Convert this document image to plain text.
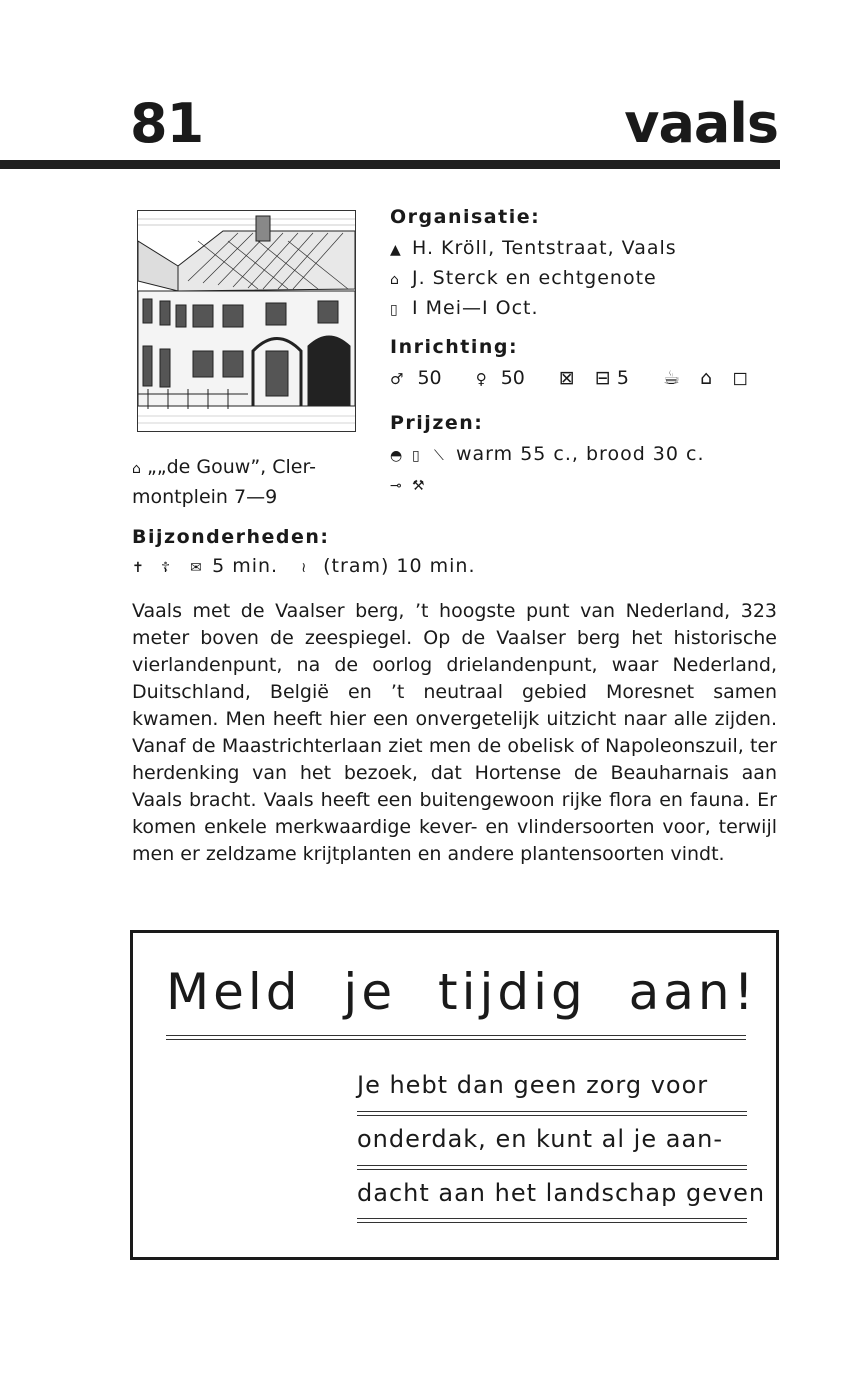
81	vaals
Organisatie:
▲ H. Kröll, Tentstraat, Vaals
⌂ J. Sterck en echtgenote
▯ I Mei—I Oct.
Inrichting:
♂ 50 ♀ 50 ⊠ ⊟ 5 ☕ ⌂ ◻
Prijzen:
◓ ▯ ⟍ warm 55 c., brood 30 c.
⊸ ⚒
⌂ „„de Gouw”, Cler-
montplein 7—9
Bijzonderheden:
✝ ☦ ✉ 5 min. ≀ (tram) 10 min.

Vaals met de Vaalser berg, ’t hoogste punt van Nederland, 323 meter boven de zeespiegel. Op de Vaalser berg het historische vierlandenpunt, na de oorlog drielandenpunt, waar Nederland, Duitschland, België en ’t neutraal gebied Moresnet samen kwamen. Men heeft hier een onvergetelijk uitzicht naar alle zijden. Vanaf de Maastrichterlaan ziet men de obelisk of Napoleonszuil, ter herdenking van het bezoek, dat Hortense de Beauharnais aan Vaals bracht. Vaals heeft een buitengewoon rijke flora en fauna. Er komen enkele merkwaardige kever- en vlindersoorten voor, terwijl men er zeldzame krijtplanten en andere plantensoorten vindt.

Meld je tijdig aan!
Je hebt dan geen zorg voor
onderdak, en kunt al je aan-
dacht aan het landschap geven
